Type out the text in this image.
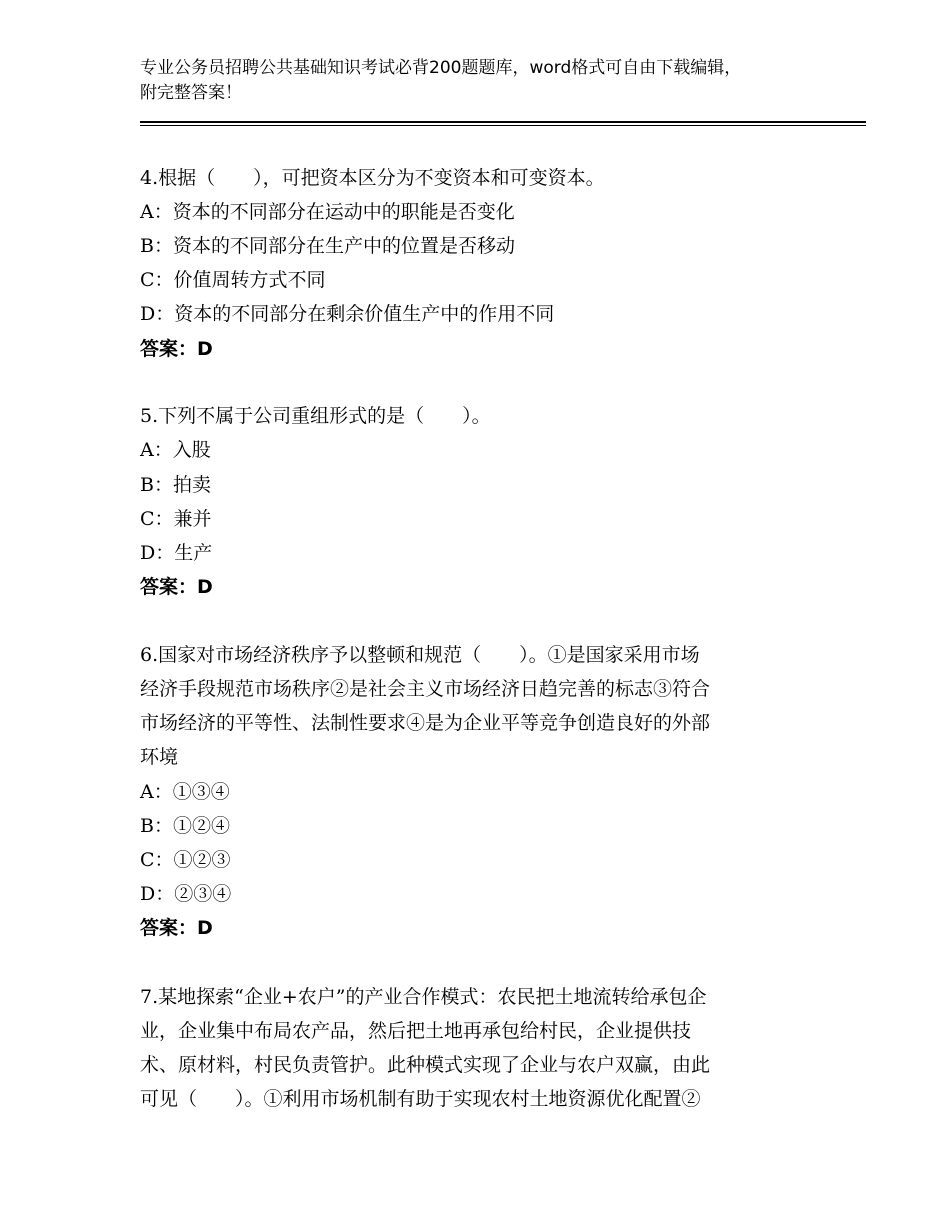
专业公务员招聘公共基础知识考试必背200题题库，word格式可自由下载编辑，
附完整答案！

4.根据（　　），可把资本区分为不变资本和可变资本。

A：资本的不同部分在运动中的职能是否变化

B：资本的不同部分在生产中的位置是否移动

C：价值周转方式不同

D：资本的不同部分在剩余价值生产中的作用不同

答案：D

5.下列不属于公司重组形式的是（　　）。

A：入股

B：拍卖

C：兼并

D：生产

答案：D

6.国家对市场经济秩序予以整顿和规范（　　）。①是国家采用市场

经济手段规范市场秩序②是社会主义市场经济日趋完善的标志③符合

市场经济的平等性、法制性要求④是为企业平等竞争创造良好的外部

环境

A：①③④

B：①②④

C：①②③

D：②③④

答案：D

7.某地探索“企业+农户”的产业合作模式：农民把土地流转给承包企

业，企业集中布局农产品，然后把土地再承包给村民，企业提供技

术、原材料，村民负责管护。此种模式实现了企业与农户双赢，由此

可见（　　）。①利用市场机制有助于实现农村土地资源优化配置②
